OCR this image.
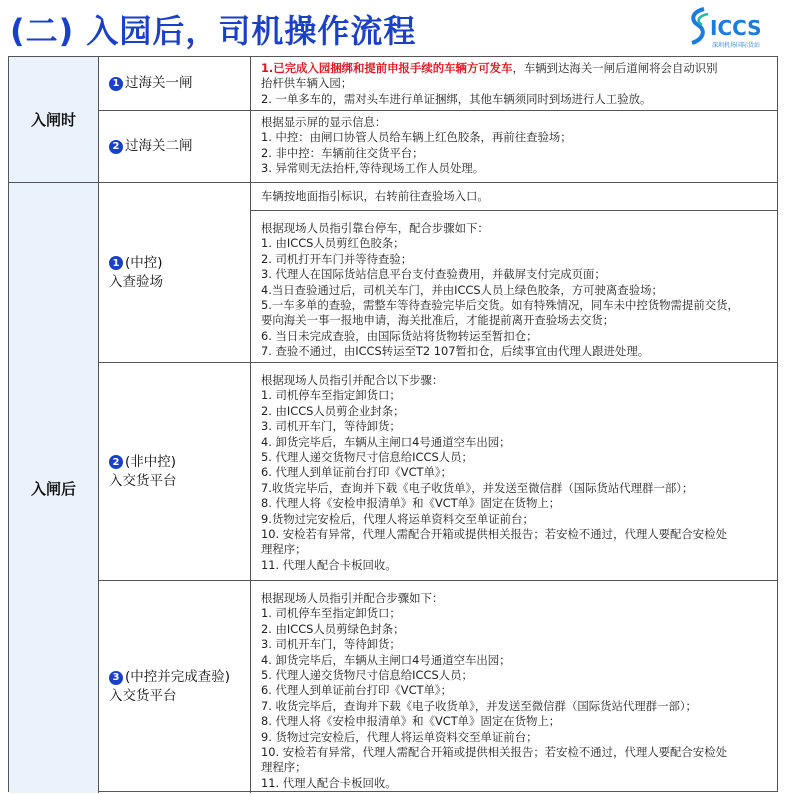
(二) 入园后，司机操作流程	ICCS
深圳机场国际货站
入闸时
入闸后
1 过海关一闸
2 过海关二闸
1 (中控)
入查验场
2 (非中控)
入交货平台
3 (中控并完成查验)
入交货平台
1.已完成入园捆绑和提前申报手续的车辆方可发车，车辆到达海关一闸后道闸将会自动识别
抬杆供车辆入园；
2. 一单多车的，需对头车进行单证捆绑，其他车辆须同时到场进行人工验放。
根据显示屏的显示信息：
1. 中控：由闸口协管人员给车辆上红色胶条，再前往查验场；
2. 非中控：车辆前往交货平台；
3. 异常则无法抬杆,等待现场工作人员处理。
车辆按地面指引标识，右转前往查验场入口。
根据现场人员指引靠台停车，配合步骤如下：
1. 由ICCS人员剪红色胶条；
2. 司机打开车门并等待查验；
3. 代理人在国际货站信息平台支付查验费用，并截屏支付完成页面；
4.当日查验通过后，司机关车门，并由ICCS人员上绿色胶条，方可驶离查验场；
5.一车多单的查验，需整车等待查验完毕后交货。如有特殊情况，同车未中控货物需提前交货，
要向海关一事一报地申请，海关批准后，才能提前离开查验场去交货；
6. 当日未完成查验，由国际货站将货物转运至暂扣仓；
7. 查验不通过，由ICCS转运至T2 107暂扣仓，后续事宜由代理人跟进处理。
根据现场人员指引并配合以下步骤：
1. 司机停车至指定卸货口；
2. 由ICCS人员剪企业封条；
3. 司机开车门，等待卸货；
4. 卸货完毕后，车辆从主闸口4号通道空车出园；
5. 代理人递交货物尺寸信息给ICCS人员；
6. 代理人到单证前台打印《VCT单》；
7.收货完毕后，查询并下载《电子收货单》，并发送至微信群（国际货站代理群一部）；
8. 代理人将《安检申报清单》和《VCT单》固定在货物上；
9.货物过完安检后，代理人将运单资料交至单证前台；
10. 安检若有异常，代理人需配合开箱或提供相关报告；若安检不通过，代理人要配合安检处
理程序；
11. 代理人配合卡板回收。
根据现场人员指引并配合步骤如下：
1. 司机停车至指定卸货口；
2. 由ICCS人员剪绿色封条；
3. 司机开车门，等待卸货；
4. 卸货完毕后，车辆从主闸口4号通道空车出园；
5. 代理人递交货物尺寸信息给ICCS人员；
6. 代理人到单证前台打印《VCT单》；
7. 收货完毕后，查询并下载《电子收货单》，并发送至微信群（国际货站代理群一部）；
8. 代理人将《安检申报清单》和《VCT单》固定在货物上；
9. 货物过完安检后，代理人将运单资料交至单证前台；
10. 安检若有异常，代理人需配合开箱或提供相关报告；若安检不通过，代理人要配合安检处
理程序；
11. 代理人配合卡板回收。
